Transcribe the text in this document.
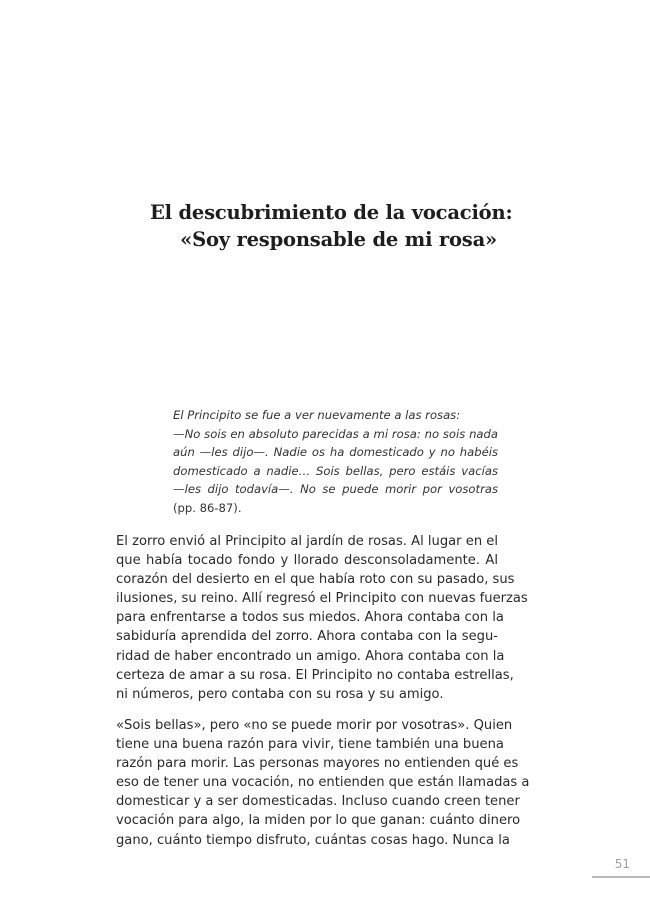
El descubrimiento de la vocación:
«Soy responsable de mi rosa»
El Principito se fue a ver nuevamente a las rosas:
—No sois en absoluto parecidas a mi rosa: no sois nada
aún —les dijo—. Nadie os ha domesticado y no habéis
domesticado a nadie… Sois bellas, pero estáis vacías
—les dijo todavía—. No se puede morir por vosotras
(pp. 86-87).
El zorro envió al Principito al jardín de rosas. Al lugar en el
que había tocado fondo y llorado desconsoladamente. Al
corazón del desierto en el que había roto con su pasado, sus
ilusiones, su reino. Allí regresó el Principito con nuevas fuerzas
para enfrentarse a todos sus miedos. Ahora contaba con la
sabiduría aprendida del zorro. Ahora contaba con la segu-
ridad de haber encontrado un amigo. Ahora contaba con la
certeza de amar a su rosa. El Principito no contaba estrellas,
ni números, pero contaba con su rosa y su amigo.
«Sois bellas», pero «no se puede morir por vosotras». Quien
tiene una buena razón para vivir, tiene también una buena
razón para morir. Las personas mayores no entienden qué es
eso de tener una vocación, no entienden que están llamadas a
domesticar y a ser domesticadas. Incluso cuando creen tener
vocación para algo, la miden por lo que ganan: cuánto dinero
gano, cuánto tiempo disfruto, cuántas cosas hago. Nunca la
51
